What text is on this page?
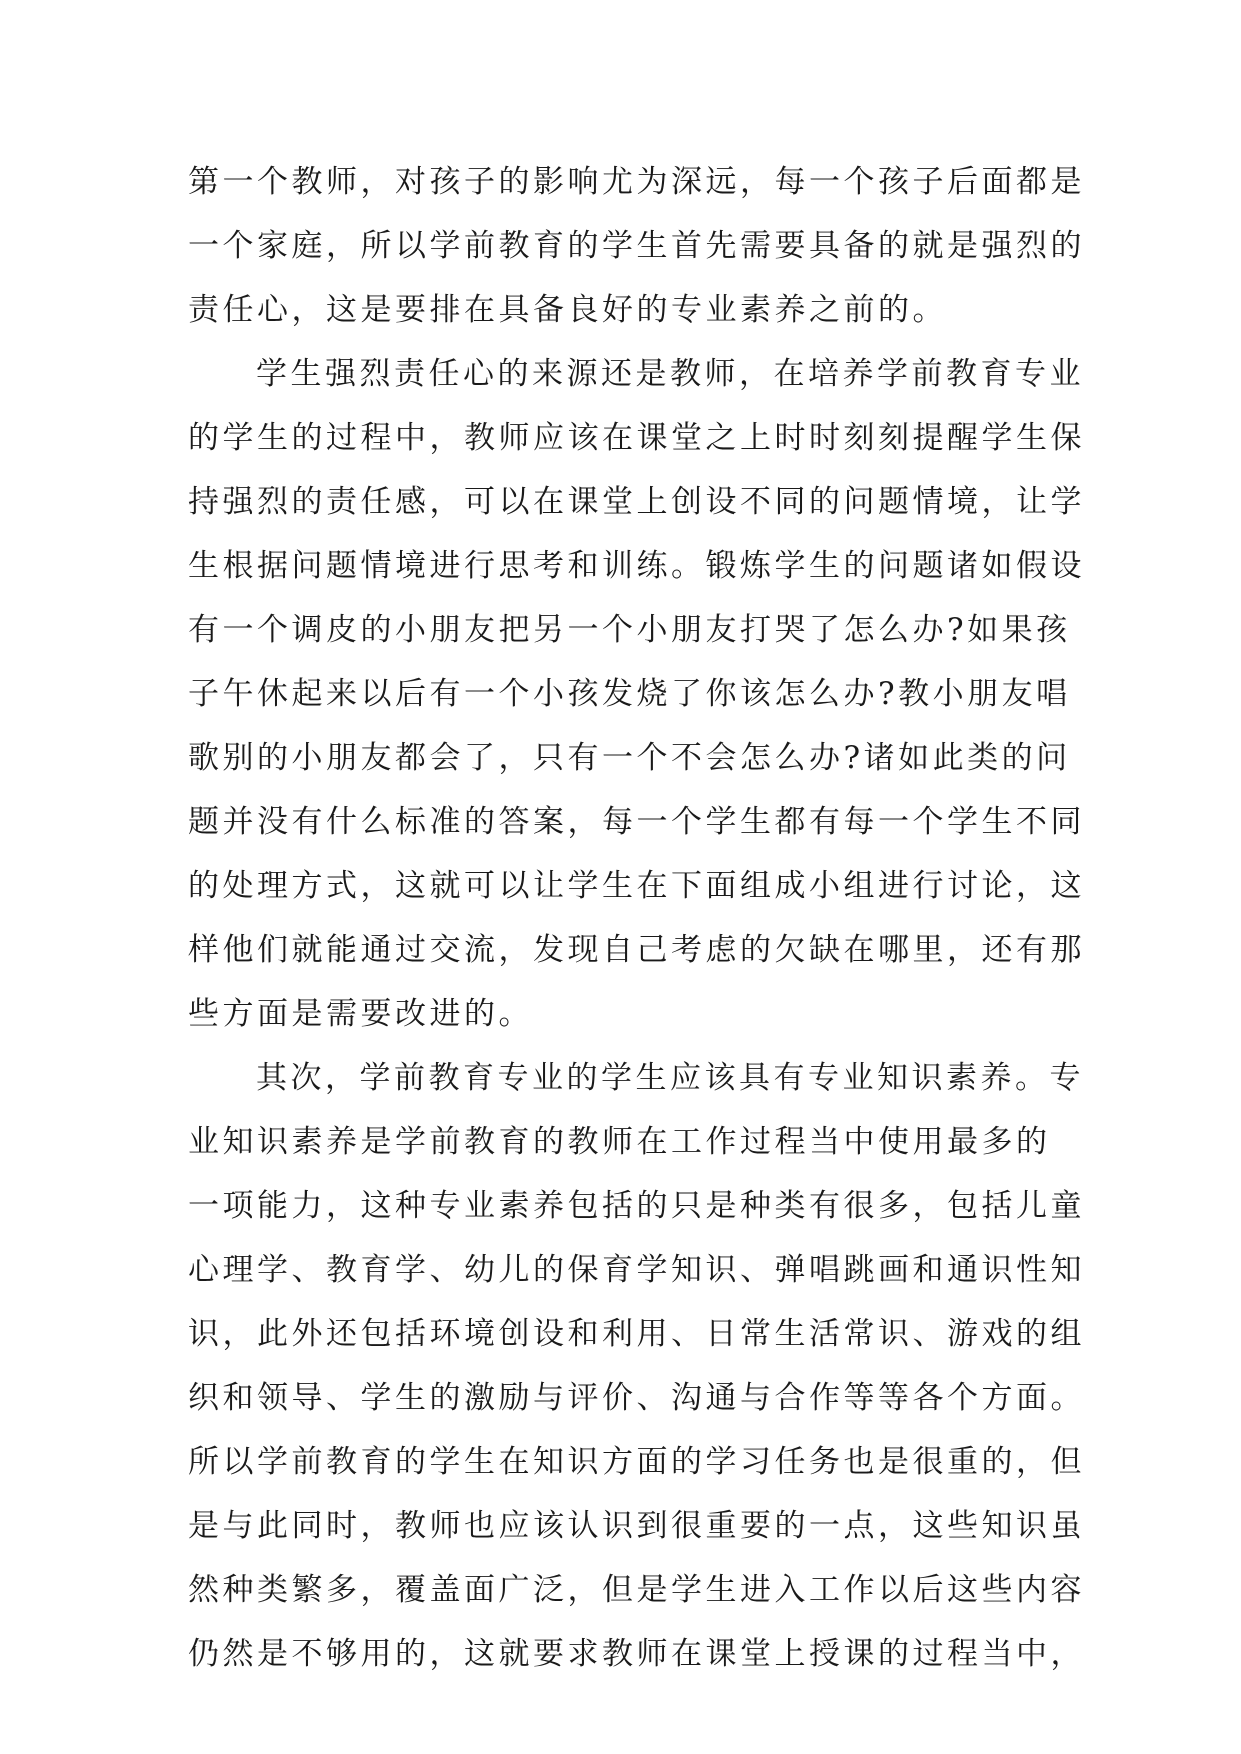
第一个教师，对孩子的影响尤为深远，每一个孩子后面都是
一个家庭，所以学前教育的学生首先需要具备的就是强烈的
责任心，这是要排在具备良好的专业素养之前的。
学生强烈责任心的来源还是教师，在培养学前教育专业
的学生的过程中，教师应该在课堂之上时时刻刻提醒学生保
持强烈的责任感，可以在课堂上创设不同的问题情境，让学
生根据问题情境进行思考和训练。锻炼学生的问题诸如假设
有一个调皮的小朋友把另一个小朋友打哭了怎么办?如果孩
子午休起来以后有一个小孩发烧了你该怎么办?教小朋友唱
歌别的小朋友都会了，只有一个不会怎么办?诸如此类的问
题并没有什么标准的答案，每一个学生都有每一个学生不同
的处理方式，这就可以让学生在下面组成小组进行讨论，这
样他们就能通过交流，发现自己考虑的欠缺在哪里，还有那
些方面是需要改进的。
其次，学前教育专业的学生应该具有专业知识素养。专
业知识素养是学前教育的教师在工作过程当中使用最多的
一项能力，这种专业素养包括的只是种类有很多，包括儿童
心理学、教育学、幼儿的保育学知识、弹唱跳画和通识性知
识，此外还包括环境创设和利用、日常生活常识、游戏的组
织和领导、学生的激励与评价、沟通与合作等等各个方面。
所以学前教育的学生在知识方面的学习任务也是很重的，但
是与此同时，教师也应该认识到很重要的一点，这些知识虽
然种类繁多，覆盖面广泛，但是学生进入工作以后这些内容
仍然是不够用的，这就要求教师在课堂上授课的过程当中，
